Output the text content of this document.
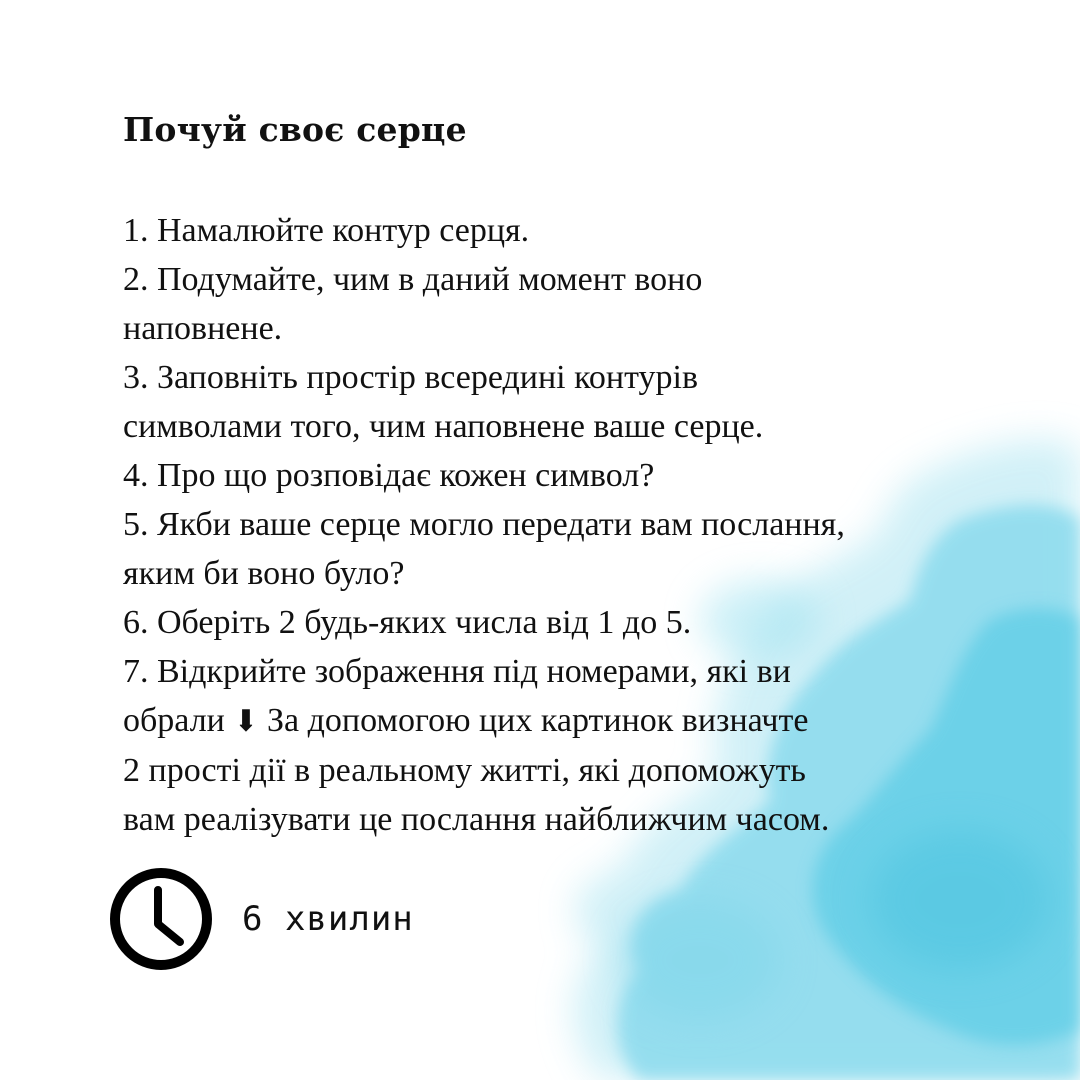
Почуй своє серце
1. Намалюйте контур серця.
2. Подумайте, чим в даний момент воно
наповнене.
3. Заповніть простір всередині контурів
символами того, чим наповнене ваше серце.
4. Про що розповідає кожен символ?
5. Якби ваше серце могло передати вам послання,
яким би воно було?
6. Оберіть 2 будь-яких числа від 1 до 5.
7. Відкрийте зображення під номерами, які ви
обрали ⬇ За допомогою цих картинок визначте
2 прості дії в реальному житті, які допоможуть
вам реалізувати це послання найближчим часом.
6 хвилин
